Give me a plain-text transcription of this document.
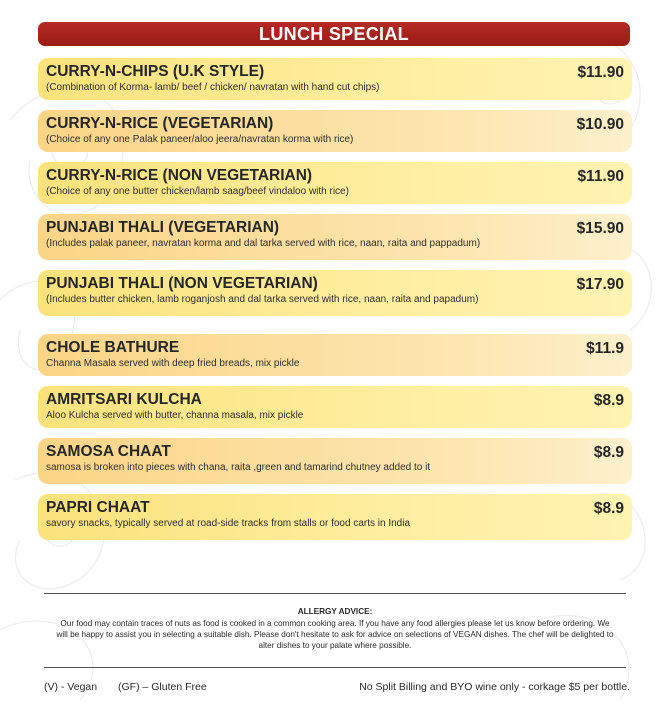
LUNCH SPECIAL
CURRY-N-CHIPS (U.K STYLE)
(Combination of Korma- lamb/ beef / chicken/ navratan with hand cut chips)
$11.90
CURRY-N-RICE (VEGETARIAN)
(Choice of any one Palak paneer/aloo jeera/navratan korma with rice)
$10.90
CURRY-N-RICE (NON VEGETARIAN)
(Choice of any one butter chicken/lamb saag/beef vindaloo with rice)
$11.90
PUNJABI THALI (VEGETARIAN)
(Includes palak paneer, navratan korma and dal tarka served with rice, naan, raita and pappadum)
$15.90
PUNJABI THALI (NON VEGETARIAN)
(Includes butter chicken, lamb roganjosh and dal tarka served with rice, naan, raita and papadum)
$17.90
CHOLE BATHURE
Channa Masala served with deep fried breads, mix pickle
$11.9
AMRITSARI KULCHA
Aloo Kulcha served with butter, channa masala, mix pickle
$8.9
SAMOSA CHAAT
samosa is broken into pieces with chana, raita ,green and tamarind chutney added to it
$8.9
PAPRI CHAAT
savory snacks, typically served at road-side tracks from stalls or food carts in India
$8.9
ALLERGY ADVICE:
Our food may contain traces of nuts as food is cooked in a common cooking area. If you have any food allergies please let us know before ordering. We
will be happy to assist you in selecting a suitable dish. Please don't hesitate to ask for advice on selections of VEGAN dishes. The chef will be delighted to
alter dishes to your palate where possible.
(V) - Vegan (GF) – Gluten Free	No Split Billing and BYO wine only - corkage $5 per bottle.
